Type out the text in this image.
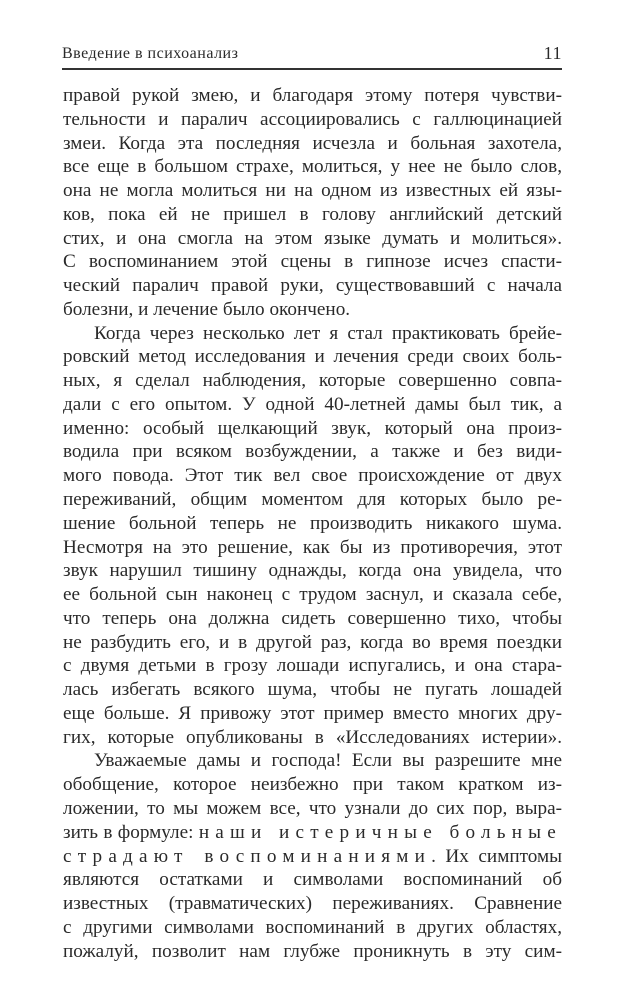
Введение в психоанализ	11
правой рукой змею, и благодаря этому потеря чувстви-
тельности и паралич ассоциировались с галлюцинацией
змеи. Когда эта последняя исчезла и больная захотела,
все еще в большом страхе, молиться, у нее не было слов,
она не могла молиться ни на одном из известных ей язы-
ков, пока ей не пришел в голову английский детский
стих, и она смогла на этом языке думать и молиться».
С воспоминанием этой сцены в гипнозе исчез спасти-
ческий паралич правой руки, существовавший с начала
болезни, и лечение было окончено.
Когда через несколько лет я стал практиковать брейе-
ровский метод исследования и лечения среди своих боль-
ных, я сделал наблюдения, которые совершенно совпа-
дали с его опытом. У одной 40-летней дамы был тик, а
именно: особый щелкающий звук, который она произ-
водила при всяком возбуждении, а также и без види-
мого повода. Этот тик вел свое происхождение от двух
переживаний, общим моментом для которых было ре-
шение больной теперь не производить никакого шума.
Несмотря на это решение, как бы из противоречия, этот
звук нарушил тишину однажды, когда она увидела, что
ее больной сын наконец с трудом заснул, и сказала себе,
что теперь она должна сидеть совершенно тихо, чтобы
не разбудить его, и в другой раз, когда во время поездки
с двумя детьми в грозу лошади испугались, и она стара-
лась избегать всякого шума, чтобы не пугать лошадей
еще больше. Я привожу этот пример вместо многих дру-
гих, которые опубликованы в «Исследованиях истерии».
Уважаемые дамы и господа! Если вы разрешите мне
обобщение, которое неизбежно при таком кратком из-
ложении, то мы можем все, что узнали до сих пор, выра-
зить в формуле: наши истеричные больные
страдают воспоминаниями. Их симптомы
являются остатками и символами воспоминаний об
известных (травматических) переживаниях. Сравнение
с другими символами воспоминаний в других областях,
пожалуй, позволит нам глубже проникнуть в эту сим-
